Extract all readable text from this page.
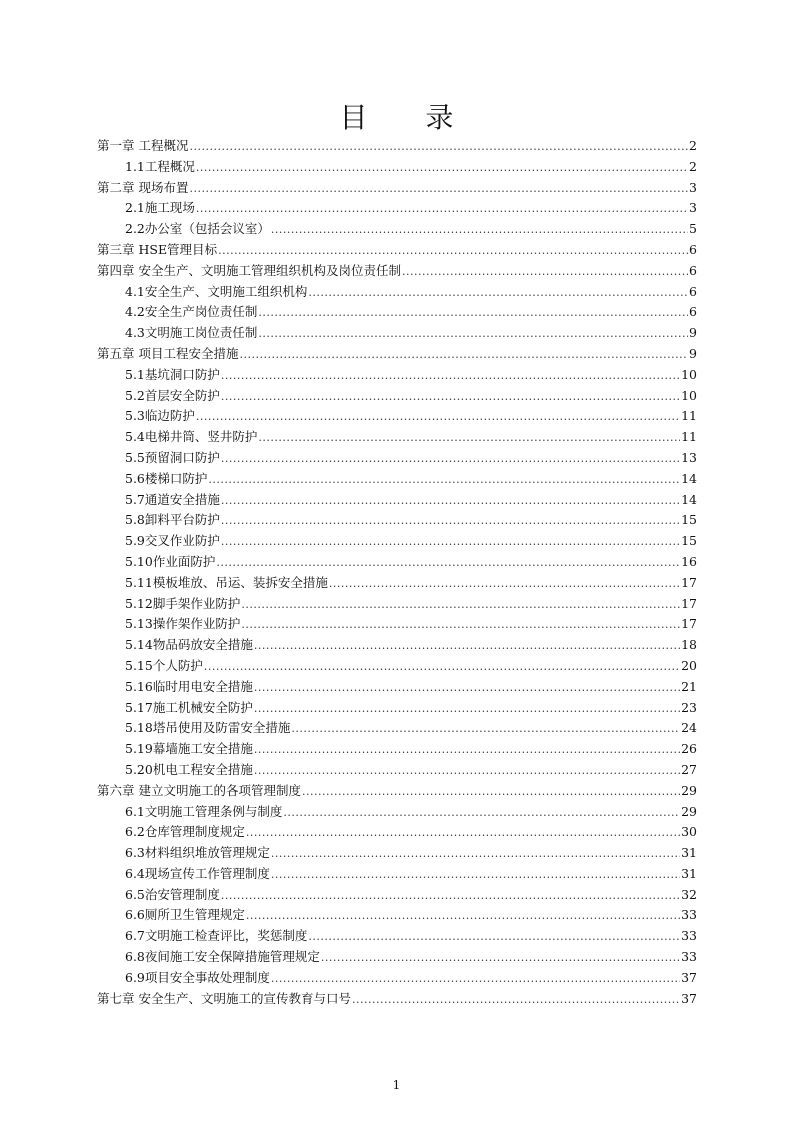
目 录
第一章 工程概况 .....	2
1.1工程概况 .....	2
第二章 现场布置 .....	3
2.1施工现场 .....	3
2.2办公室（包括会议室） .....	5
第三章 HSE管理目标 .....	6
第四章 安全生产、文明施工管理组织机构及岗位责任制 .....	6
4.1安全生产、文明施工组织机构 .....	6
4.2安全生产岗位责任制 .....	6
4.3文明施工岗位责任制 .....	9
第五章 项目工程安全措施 .....	9
5.1基坑洞口防护 .....	10
5.2首层安全防护 .....	10
5.3临边防护 .....	11
5.4电梯井筒、竖井防护 .....	11
5.5预留洞口防护 .....	13
5.6楼梯口防护 .....	14
5.7通道安全措施 .....	14
5.8卸料平台防护 .....	15
5.9交叉作业防护 .....	15
5.10作业面防护 .....	16
5.11模板堆放、吊运、装拆安全措施 .....	17
5.12脚手架作业防护 .....	17
5.13操作架作业防护 .....	17
5.14物品码放安全措施 .....	18
5.15个人防护 .....	20
5.16临时用电安全措施 .....	21
5.17施工机械安全防护 .....	23
5.18塔吊使用及防雷安全措施 .....	24
5.19幕墙施工安全措施 .....	26
5.20机电工程安全措施 .....	27
第六章 建立文明施工的各项管理制度 .....	29
6.1文明施工管理条例与制度 .....	29
6.2仓库管理制度规定 .....	30
6.3材料组织堆放管理规定 .....	31
6.4现场宣传工作管理制度 .....	31
6.5治安管理制度 .....	32
6.6厕所卫生管理规定 .....	33
6.7文明施工检查评比，奖惩制度 .....	33
6.8夜间施工安全保障措施管理规定 .....	33
6.9项目安全事故处理制度 .....	37
第七章 安全生产、文明施工的宣传教育与口号 .....	37
1
